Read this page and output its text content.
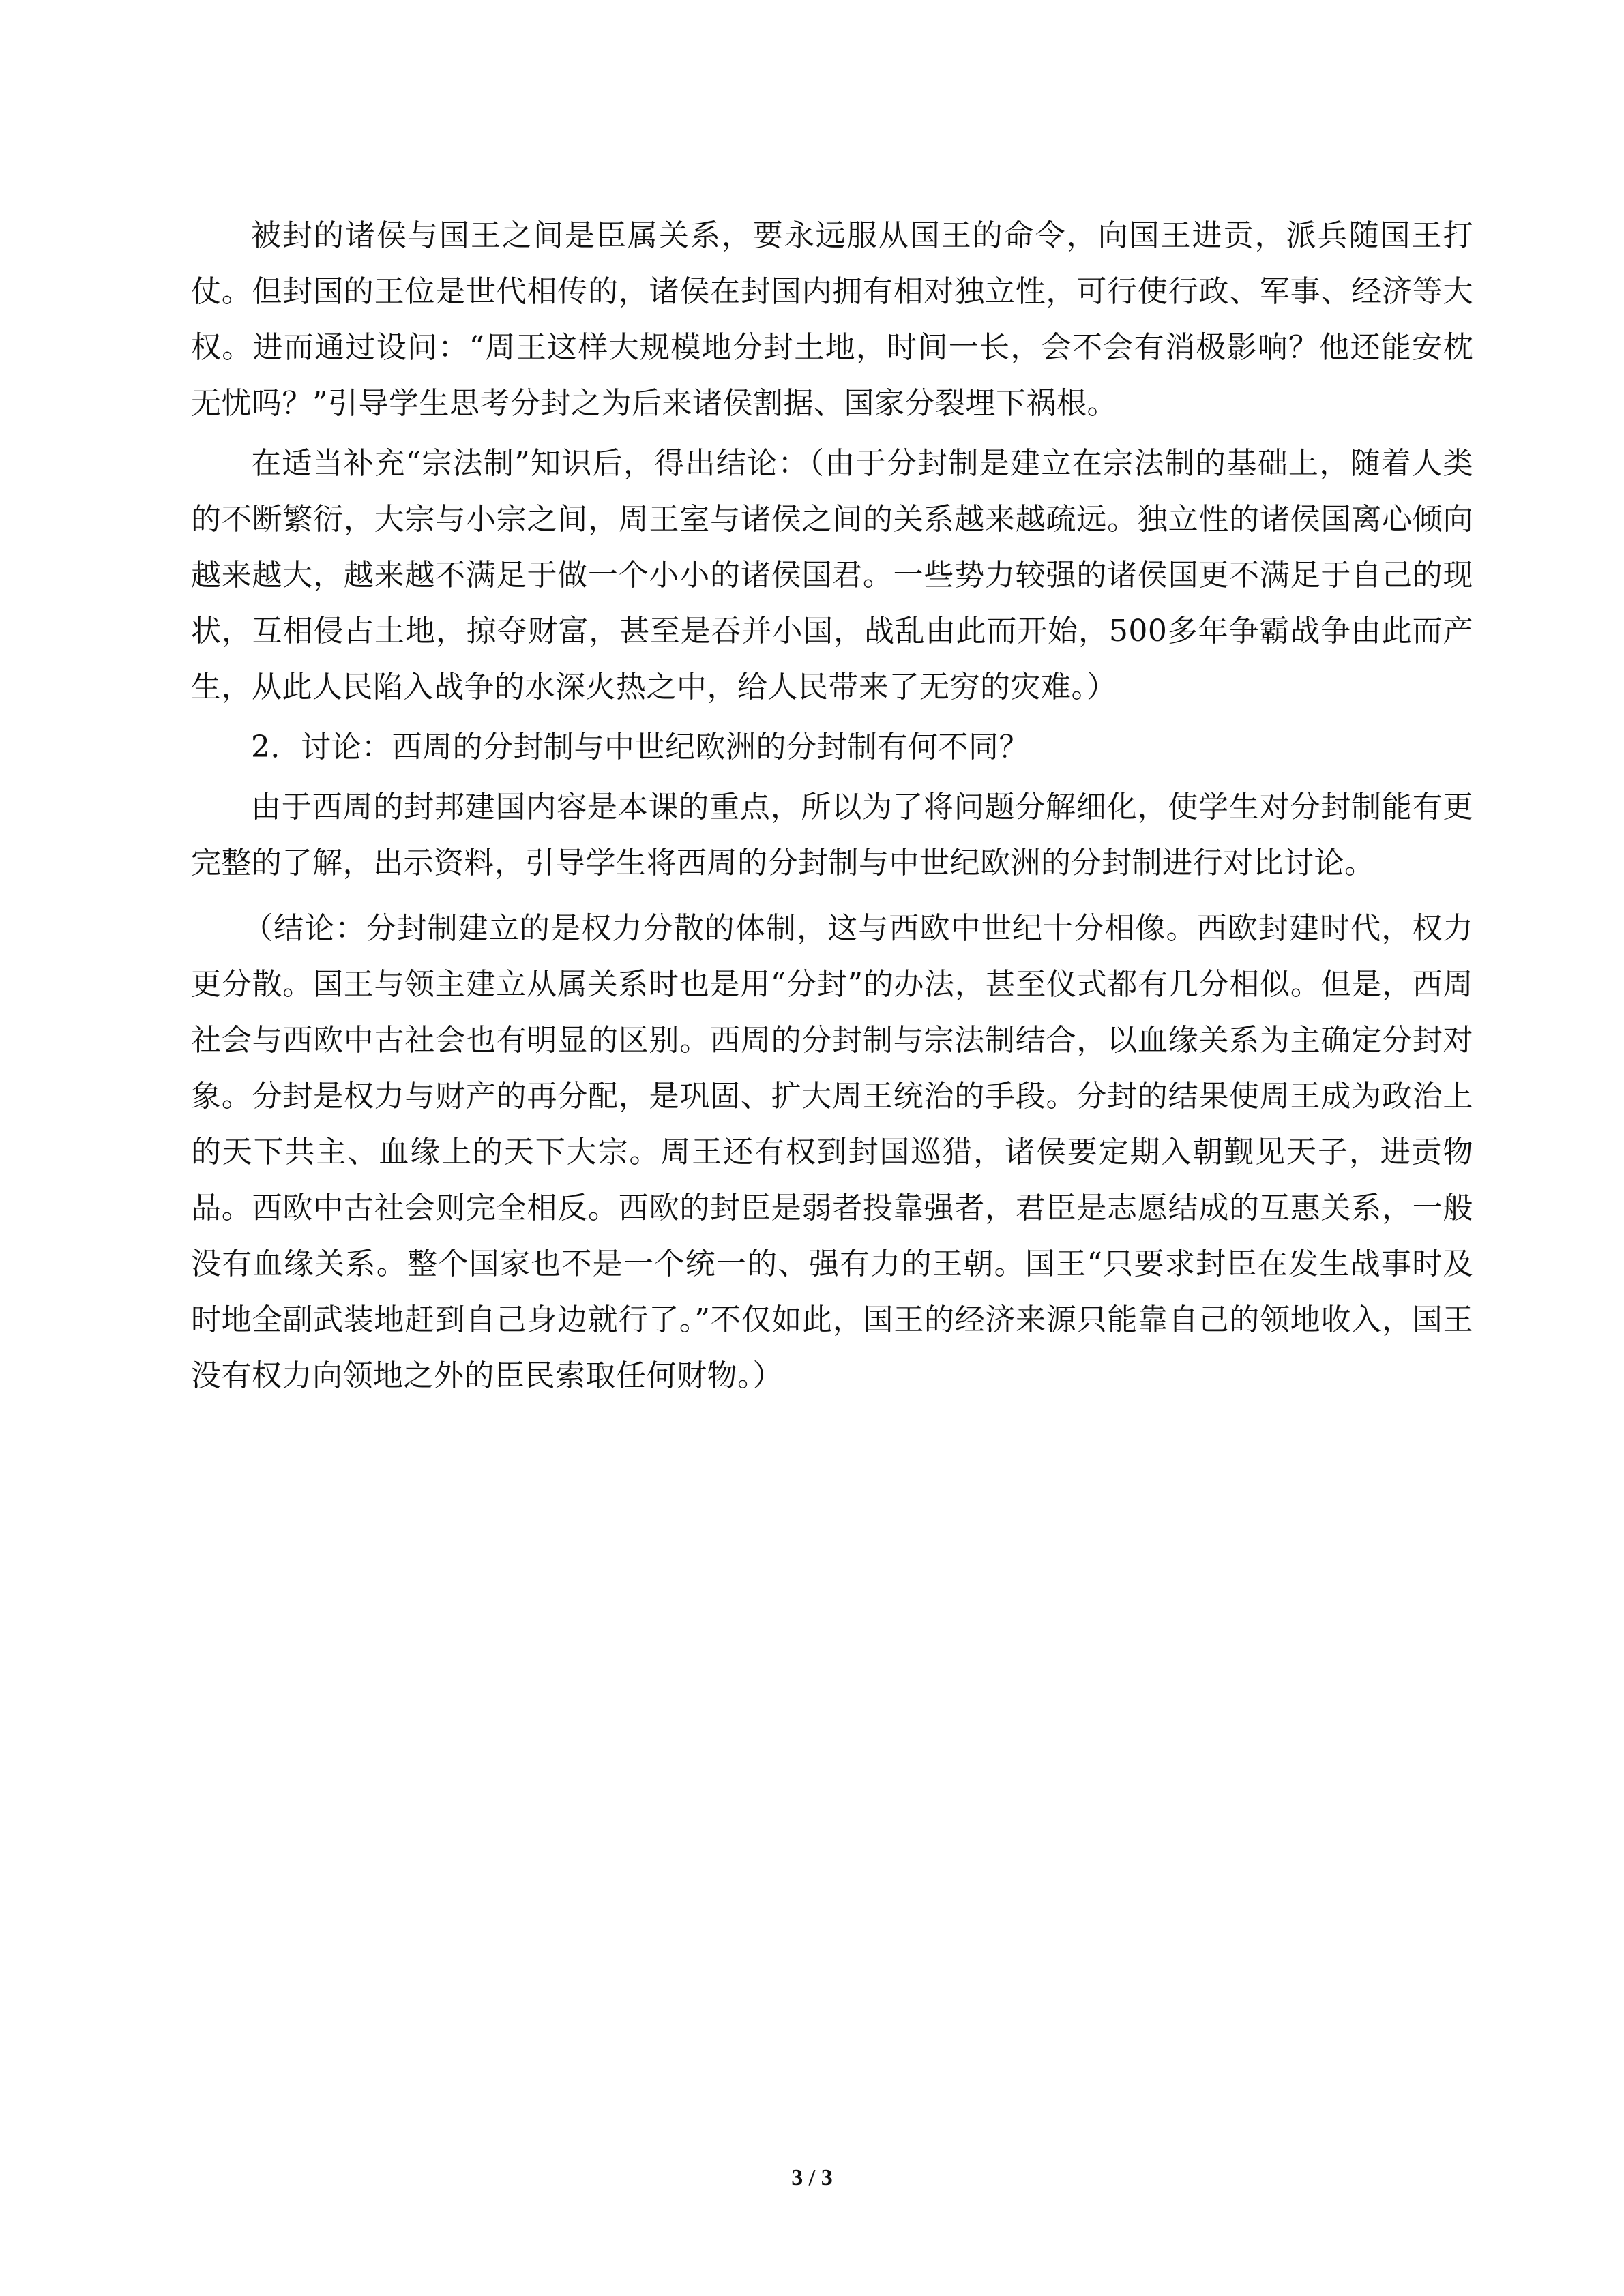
被封的诸侯与国王之间是臣属关系，要永远服从国王的命令，向国王进贡，派兵随国王打仗。但封国的王位是世代相传的，诸侯在封国内拥有相对独立性，可行使行政、军事、经济等大权。进而通过设问：“周王这样大规模地分封土地，时间一长，会不会有消极影响？他还能安枕无忧吗？”引导学生思考分封之为后来诸侯割据、国家分裂埋下祸根。

在适当补充“宗法制”知识后，得出结论：（由于分封制是建立在宗法制的基础上，随着人类的不断繁衍，大宗与小宗之间，周王室与诸侯之间的关系越来越疏远。独立性的诸侯国离心倾向越来越大，越来越不满足于做一个小小的诸侯国君。一些势力较强的诸侯国更不满足于自己的现状，互相侵占土地，掠夺财富，甚至是吞并小国，战乱由此而开始，500多年争霸战争由此而产生，从此人民陷入战争的水深火热之中，给人民带来了无穷的灾难。）

2．讨论：西周的分封制与中世纪欧洲的分封制有何不同？

由于西周的封邦建国内容是本课的重点，所以为了将问题分解细化，使学生对分封制能有更完整的了解，出示资料，引导学生将西周的分封制与中世纪欧洲的分封制进行对比讨论。

（结论：分封制建立的是权力分散的体制，这与西欧中世纪十分相像。西欧封建时代，权力更分散。国王与领主建立从属关系时也是用“分封”的办法，甚至仪式都有几分相似。但是，西周社会与西欧中古社会也有明显的区别。西周的分封制与宗法制结合，以血缘关系为主确定分封对象。分封是权力与财产的再分配，是巩固、扩大周王统治的手段。分封的结果使周王成为政治上的天下共主、血缘上的天下大宗。周王还有权到封国巡猎，诸侯要定期入朝觐见天子，进贡物品。西欧中古社会则完全相反。西欧的封臣是弱者投靠强者，君臣是志愿结成的互惠关系，一般没有血缘关系。整个国家也不是一个统一的、强有力的王朝。国王“只要求封臣在发生战事时及时地全副武装地赶到自己身边就行了。”不仅如此，国王的经济来源只能靠自己的领地收入，国王没有权力向领地之外的臣民索取任何财物。）

3 / 3
